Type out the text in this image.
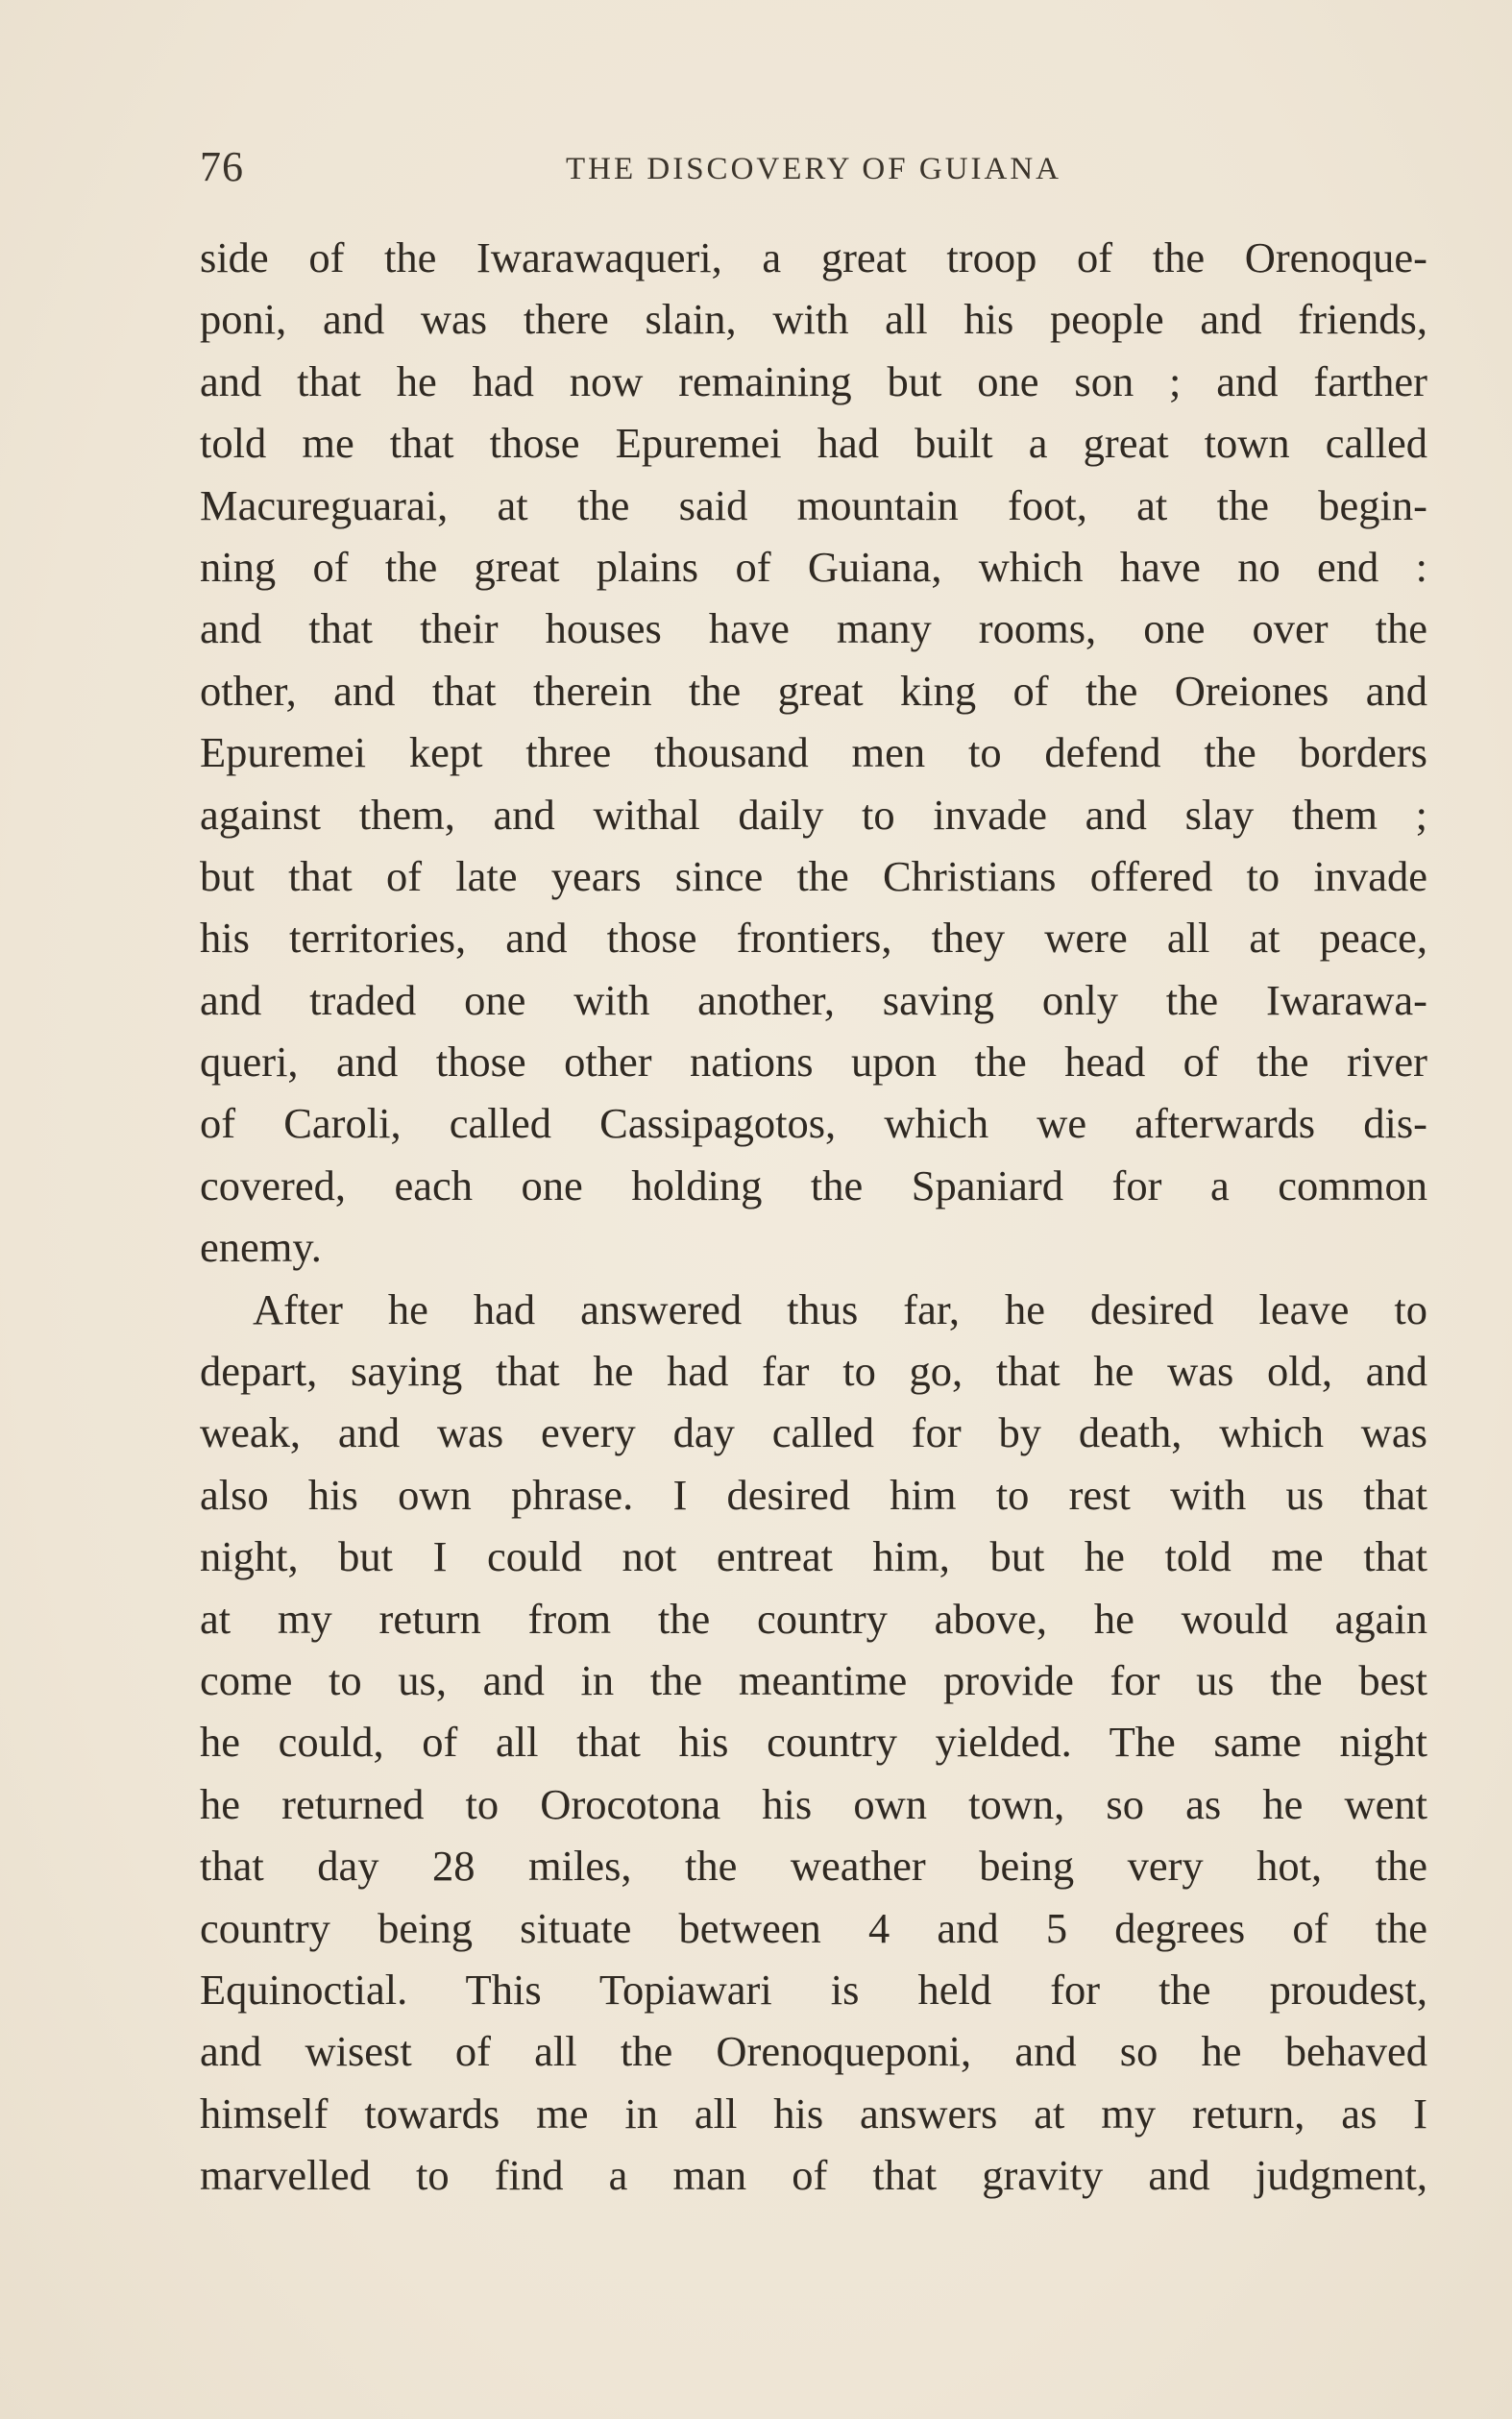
76	THE DISCOVERY OF GUIANA
side of the Iwarawaqueri, a great troop of the Orenoque-
poni, and was there slain, with all his people and friends,
and that he had now remaining but one son ; and farther
told me that those Epuremei had built a great town called
Macureguarai, at the said mountain foot, at the begin-
ning of the great plains of Guiana, which have no end :
and that their houses have many rooms, one over the
other, and that therein the great king of the Oreiones and
Epuremei kept three thousand men to defend the borders
against them, and withal daily to invade and slay them ;
but that of late years since the Christians offered to invade
his territories, and those frontiers, they were all at peace,
and traded one with another, saving only the Iwarawa-
queri, and those other nations upon the head of the river
of Caroli, called Cassipagotos, which we afterwards dis-
covered, each one holding the Spaniard for a common
enemy.
After he had answered thus far, he desired leave to
depart, saying that he had far to go, that he was old, and
weak, and was every day called for by death, which was
also his own phrase. I desired him to rest with us that
night, but I could not entreat him, but he told me that
at my return from the country above, he would again
come to us, and in the meantime provide for us the best
he could, of all that his country yielded. The same night
he returned to Orocotona his own town, so as he went
that day 28 miles, the weather being very hot, the
country being situate between 4 and 5 degrees of the
Equinoctial. This Topiawari is held for the proudest,
and wisest of all the Orenoqueponi, and so he behaved
himself towards me in all his answers at my return, as I
marvelled to find a man of that gravity and judgment,
